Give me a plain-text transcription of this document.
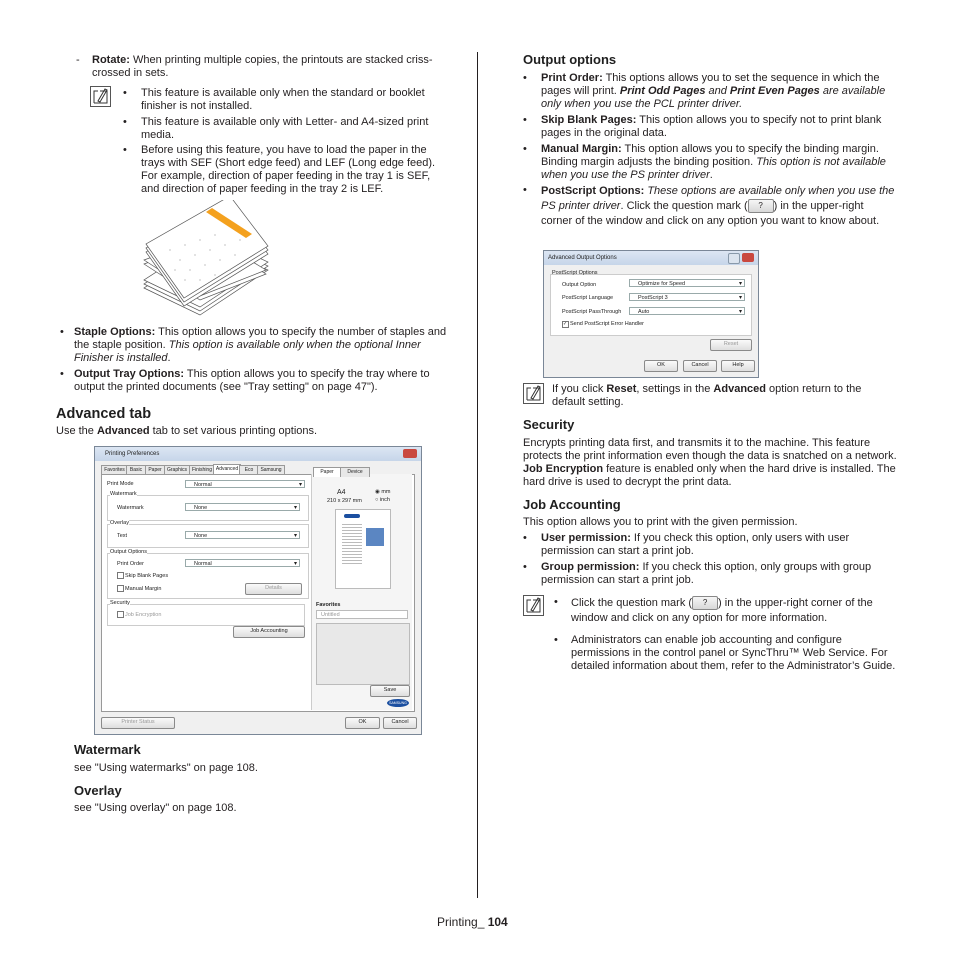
- Rotate: When printing multiple copies, the printouts are stacked criss-crossed in sets.
• This feature is available only when the standard or booklet finisher is not installed.
• This feature is available only with Letter- and A4-sized print media.
• Before using this feature, you have to load the paper in the trays with SEF (Short edge feed) and LEF (Long edge feed). For example, direction of paper feeding in the tray 1 is SEF, and direction of paper feeding in the tray 2 is LEF.
• Staple Options: This option allows you to specify the number of staples and the staple position. This option is available only when the optional Inner Finisher is installed.
• Output Tray Options: This option allows you to specify the tray where to output the printed documents (see "Tray setting" on page 47").
Advanced tab
Use the Advanced tab to set various printing options.
Printing Preferences
Favorites	Basic	Paper	Graphics Finishing Advanced	Eco	Samsung
Print Mode	Normal ▾
Watermark
Watermark	None ▾
Overlay
Text	None ▾
Output Options
Print Order	Normal ▾
Skip Blank Pages
Manual Margin	Details
Security
Job Encryption
Job Accounting
Paper	Device
A4
210 x 297 mm
◉ mm
○ inch
Favorites
Untitled
Save
SAMSUNG
Printer Status	OK	Cancel
Watermark
see "Using watermarks" on page 108.
Overlay
see "Using overlay" on page 108.
Output options
• Print Order: This options allows you to set the sequence in which the pages will print. Print Odd Pages and Print Even Pages are available only when you use the PCL printer driver.
• Skip Blank Pages: This option allows you to specify not to print blank pages in the original data.
• Manual Margin: This option allows you to specify the binding margin. Binding margin adjusts the binding position. This option is not available when you use the PS printer driver.
• PostScript Options: These options are available only when you use the PS printer driver. Click the question mark ( ? ) in the upper-right corner of the window and click on any option you want to know about.
Advanced Output Options
PostScript Options
Output Option	Optimize for Speed ▾
PostScript Language	PostScript 3 ▾
PostScript PassThrough	Auto ▾
✓ Send PostScript Error Handler
Reset
OK	Cancel	Help
If you click Reset, settings in the Advanced option return to the default setting.
Security
Encrypts printing data first, and transmits it to the machine. This feature protects the print information even though the data is snatched on a network. Job Encryption feature is enabled only when the hard drive is installed. The hard drive is used to decrypt the print data.
Job Accounting
This option allows you to print with the given permission.
• User permission: If you check this option, only users with user permission can start a print job.
• Group permission: If you check this option, only groups with group permission can start a print job.
• Click the question mark ( ? ) in the upper-right corner of the window and click on any option for more information.
• Administrators can enable job accounting and configure permissions in the control panel or SyncThru™ Web Service. For detailed information about them, refer to the Administrator’s Guide.
Printing_ 104
